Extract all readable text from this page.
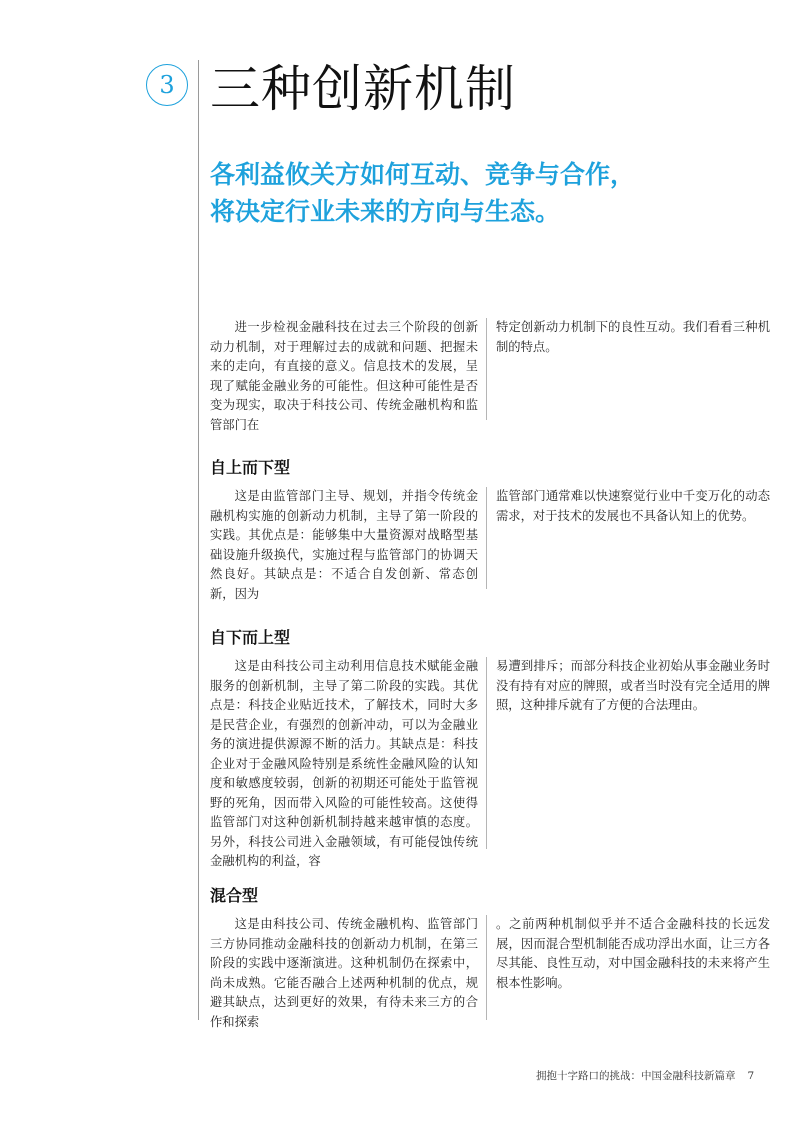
3 三种创新机制
各利益攸关方如何互动、竞争与合作，
将决定行业未来的方向与生态。

进一步检视金融科技在过去三个阶段的创新动力机制，对于理解过去的成就和问题、把握未来的走向，有直接的意义。信息技术的发展，呈现了赋能金融业务的可能性。但这种可能性是否变为现实，取决于科技公司、传统金融机构和监管部门在

特定创新动力机制下的良性互动。我们看看三种机制的特点。

自上而下型

这是由监管部门主导、规划，并指令传统金融机构实施的创新动力机制，主导了第一阶段的实践。其优点是：能够集中大量资源对战略型基础设施升级换代，实施过程与监管部门的协调天然良好。其缺点是：不适合自发创新、常态创新，因为

监管部门通常难以快速察觉行业中千变万化的动态需求，对于技术的发展也不具备认知上的优势。

自下而上型

这是由科技公司主动利用信息技术赋能金融服务的创新机制，主导了第二阶段的实践。其优点是：科技企业贴近技术，了解技术，同时大多是民营企业，有强烈的创新冲动，可以为金融业务的演进提供源源不断的活力。其缺点是：科技企业对于金融风险特别是系统性金融风险的认知度和敏感度较弱，创新的初期还可能处于监管视野的死角，因而带入风险的可能性较高。这使得监管部门对这种创新机制持越来越审慎的态度。另外，科技公司进入金融领域，有可能侵蚀传统金融机构的利益，容

易遭到排斥；而部分科技企业初始从事金融业务时没有持有对应的牌照，或者当时没有完全适用的牌照，这种排斥就有了方便的合法理由。

混合型

这是由科技公司、传统金融机构、监管部门三方协同推动金融科技的创新动力机制，在第三阶段的实践中逐渐演进。这种机制仍在探索中，尚未成熟。它能否融合上述两种机制的优点，规避其缺点，达到更好的效果，有待未来三方的合作和探索

。之前两种机制似乎并不适合金融科技的长远发展，因而混合型机制能否成功浮出水面，让三方各尽其能、良性互动，对中国金融科技的未来将产生根本性影响。

拥抱十字路口的挑战：中国金融科技新篇章 7
